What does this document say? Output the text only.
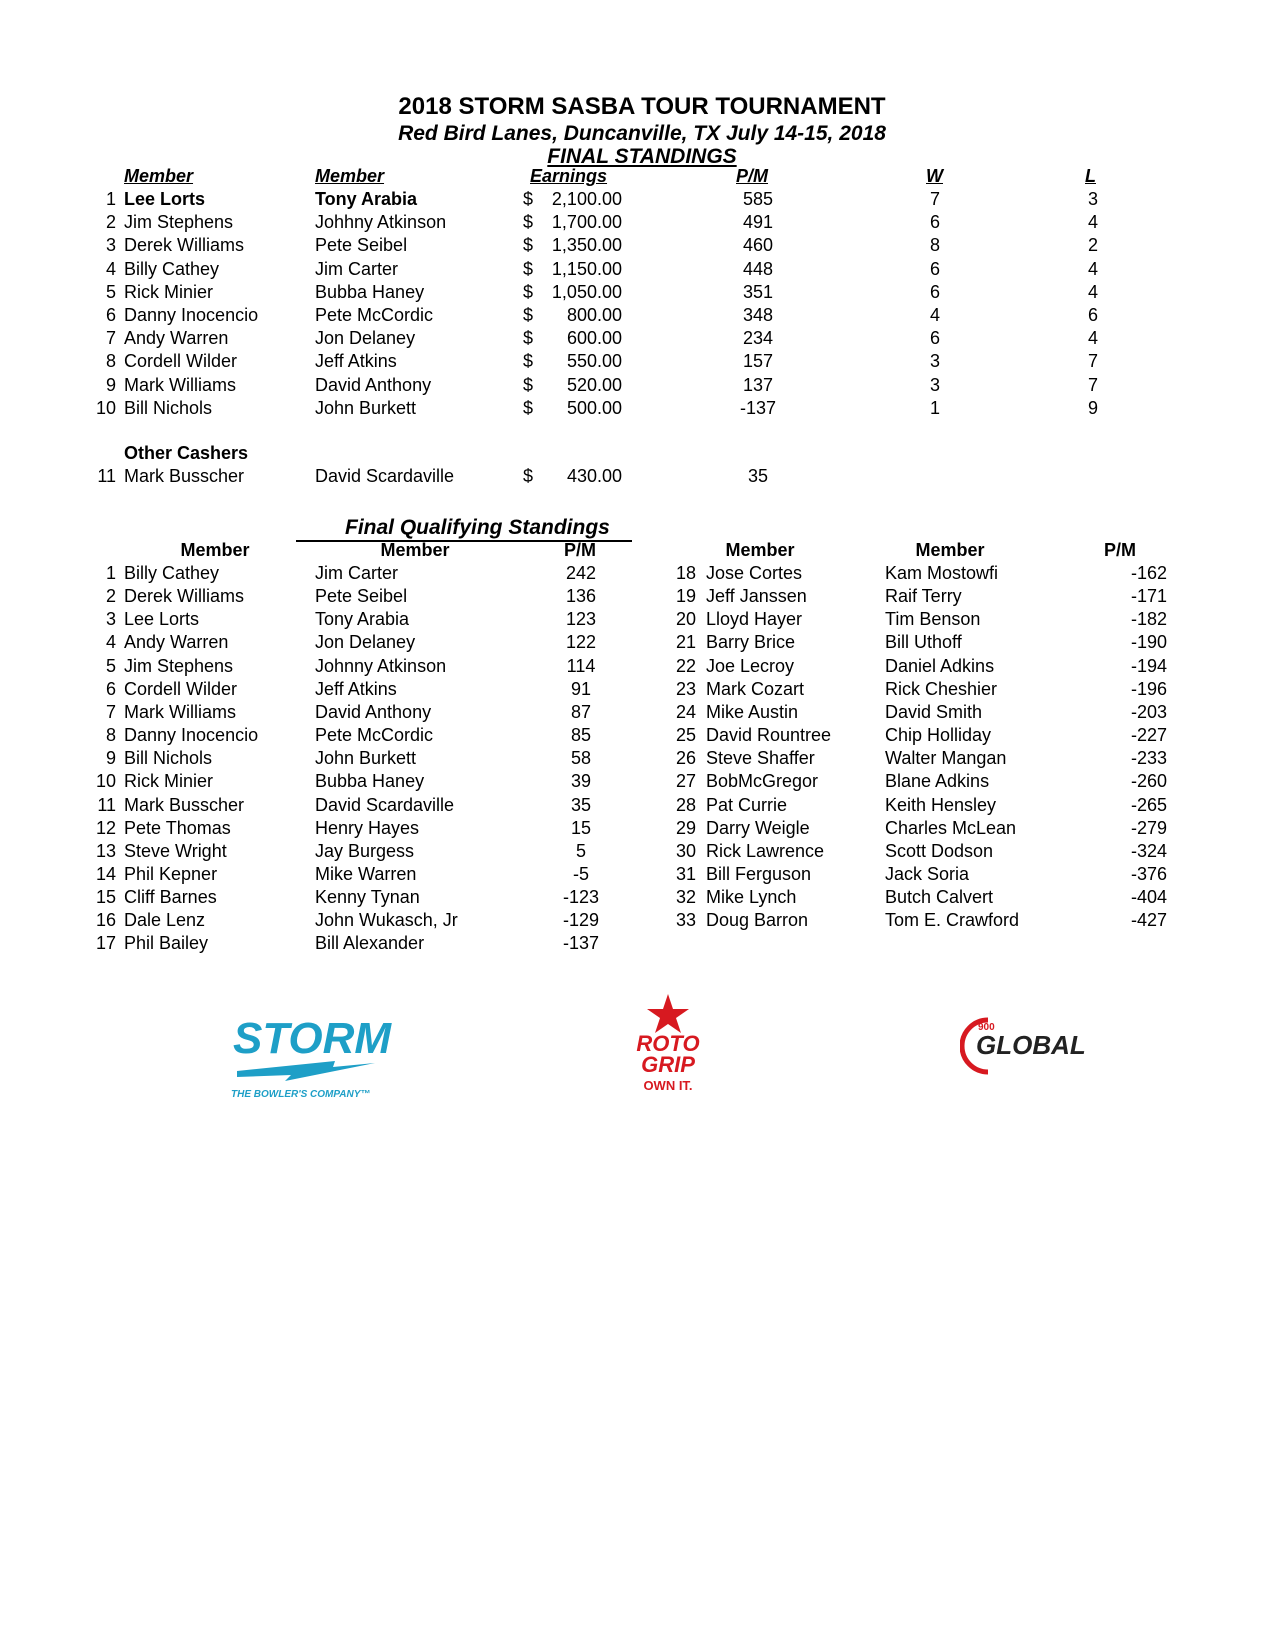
2018 STORM SASBA TOUR TOURNAMENT
Red Bird Lanes, Duncanville, TX July 14-15, 2018
FINAL STANDINGS
Member	Member	Earnings	P/M	W	L
1 Lee Lorts	Tony Arabia	$ 2,100.00	585	7	3
2 Jim Stephens	Johhny Atkinson	$ 1,700.00	491	6	4
3 Derek Williams	Pete Seibel	$ 1,350.00	460	8	2
4 Billy Cathey	Jim Carter	$ 1,150.00	448	6	4
5 Rick Minier	Bubba Haney	$ 1,050.00	351	6	4
6 Danny Inocencio	Pete McCordic	$ 800.00	348	4	6
7 Andy Warren	Jon Delaney	$ 600.00	234	6	4
8 Cordell Wilder	Jeff Atkins	$ 550.00	157	3	7
9 Mark Williams	David Anthony	$ 520.00	137	3	7
10 Bill Nichols	John Burkett	$ 500.00	-137	1	9
Other Cashers
11 Mark Busscher	David Scardaville	$ 430.00	35
Final Qualifying Standings
Member	Member	P/M	Member	Member	P/M
1 Billy Cathey	Jim Carter	242
2 Derek Williams	Pete Seibel	136
3 Lee Lorts	Tony Arabia	123
4 Andy Warren	Jon Delaney	122
5 Jim Stephens	Johnny Atkinson	114
6 Cordell Wilder	Jeff Atkins	91
7 Mark Williams	David Anthony	87
8 Danny Inocencio	Pete McCordic	85
9 Bill Nichols	John Burkett	58
10 Rick Minier	Bubba Haney	39
11 Mark Busscher	David Scardaville	35
12 Pete Thomas	Henry Hayes	15
13 Steve Wright	Jay Burgess	5
14 Phil Kepner	Mike Warren	-5
15 Cliff Barnes	Kenny Tynan	-123
16 Dale Lenz	John Wukasch, Jr	-129
17 Phil Bailey	Bill Alexander	-137
18 Jose Cortes	Kam Mostowfi	-162
19 Jeff Janssen	Raif Terry	-171
20 Lloyd Hayer	Tim Benson	-182
21 Barry Brice	Bill Uthoff	-190
22 Joe Lecroy	Daniel Adkins	-194
23 Mark Cozart	Rick Cheshier	-196
24 Mike Austin	David Smith	-203
25 David Rountree	Chip Holliday	-227
26 Steve Shaffer	Walter Mangan	-233
27 BobMcGregor	Blane Adkins	-260
28 Pat Currie	Keith Hensley	-265
29 Darry Weigle	Charles McLean	-279
30 Rick Lawrence	Scott Dodson	-324
31 Bill Ferguson	Jack Soria	-376
32 Mike Lynch	Butch Calvert	-404
33 Doug Barron	Tom E. Crawford	-427
STORM
THE BOWLER'S COMPANY™
ROTO
GRIP
OWN IT.
900
GLOBAL
